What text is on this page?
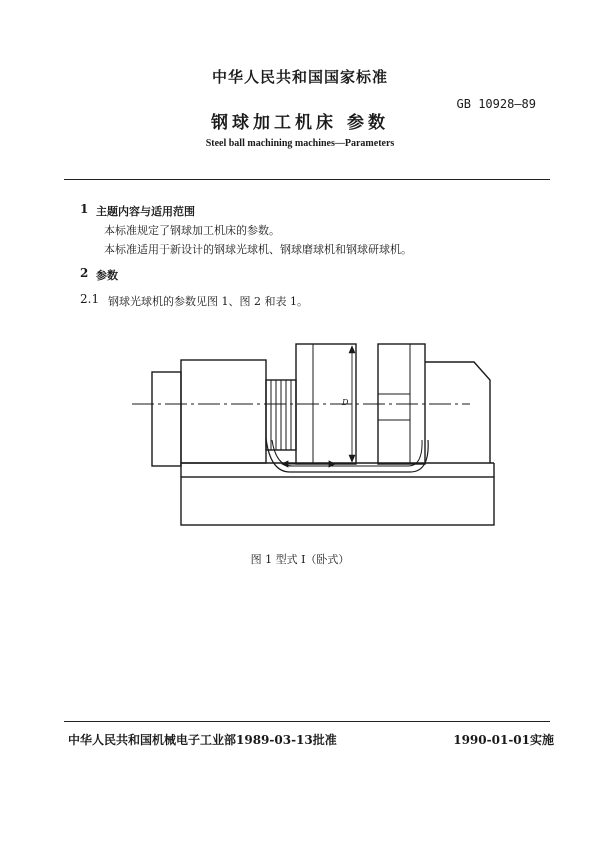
中华人民共和国国家标准
GB 10928—89
钢球加工机床 参数
Steel ball machining machines—Parameters
1 主题内容与适用范围
本标准规定了钢球加工机床的参数。
本标准适用于新设计的钢球光球机、钢球磨球机和钢球研球机。
2 参数
2.1 钢球光球机的参数见图 1、图 2 和表 1。
D
图 1 型式 I（卧式）
中华人民共和国机械电子工业部1989-03-13批准	1990-01-01实施
